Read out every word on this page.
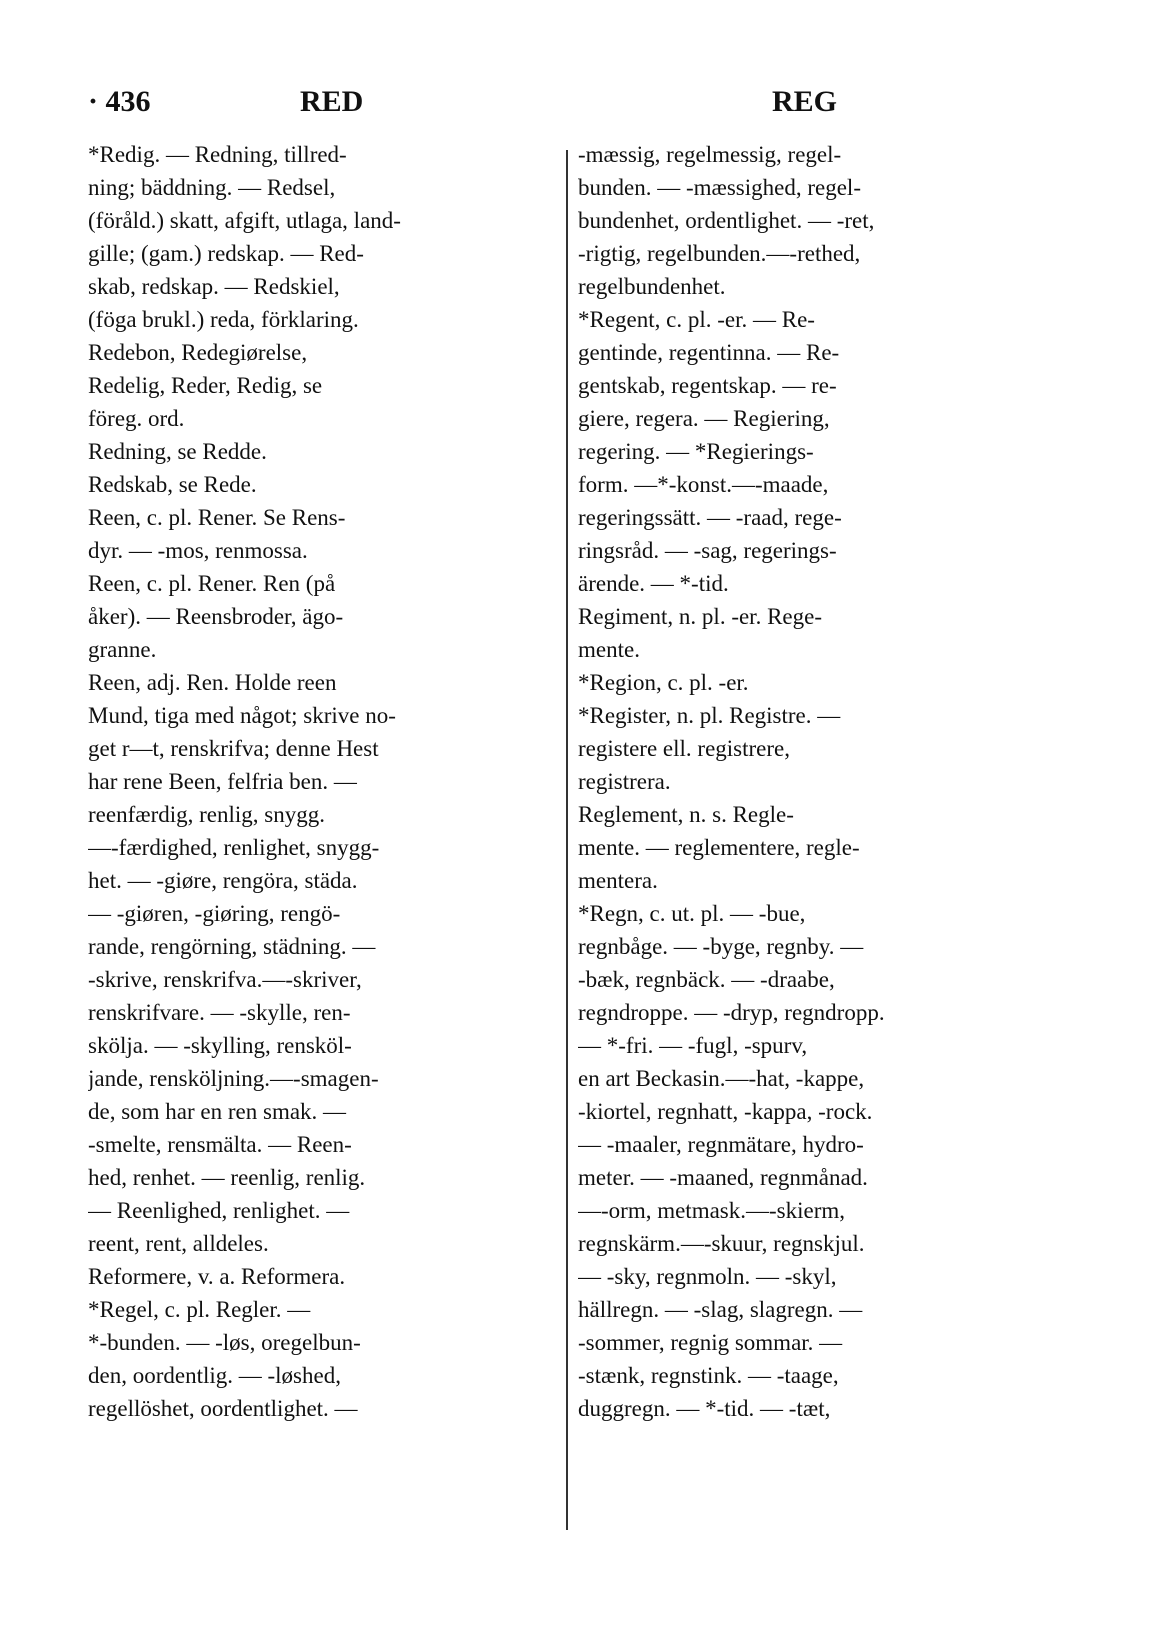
· 436	RED	REG
*Redig. — Redning, tillred-
ning; bäddning. — Redsel,
(föråld.) skatt, afgift, utlaga, land-
gille; (gam.) redskap. — Red-
skab, redskap. — Redskiel,
(föga brukl.) reda, förklaring.
Redebon, Redegiørelse,
Redelig, Reder, Redig, se
föreg. ord.
Redning, se Redde.
Redskab, se Rede.
Reen, c. pl. Rener. Se Rens-
dyr. — -mos, renmossa.
Reen, c. pl. Rener. Ren (på
åker). — Reensbroder, ägo-
granne.
Reen, adj. Ren. Holde reen
Mund, tiga med något; skrive no-
get r—t, renskrifva; denne Hest
har rene Been, felfria ben. —
reenfærdig, renlig, snygg.
—-færdighed, renlighet, snygg-
het. — -giøre, rengöra, städa.
— -giøren, -giøring, rengö-
rande, rengörning, städning. —
-skrive, renskrifva.—-skriver,
renskrifvare. — -skylle, ren-
skölja. — -skylling, rensköl-
jande, rensköljning.—-smagen-
de, som har en ren smak. —
-smelte, rensmälta. — Reen-
hed, renhet. — reenlig, renlig.
— Reenlighed, renlighet. —
reent, rent, alldeles.
Reformere, v. a. Reformera.
*Regel, c. pl. Regler. —
*-bunden. — -løs, oregelbun-
den, oordentlig. — -løshed,
regellöshet, oordentlighet. —
-mæssig, regelmessig, regel-
bunden. — -mæssighed, regel-
bundenhet, ordentlighet. — -ret,
-rigtig, regelbunden.—-rethed,
regelbundenhet.
*Regent, c. pl. -er. — Re-
gentinde, regentinna. — Re-
gentskab, regentskap. — re-
giere, regera. — Regiering,
regering. — *Regierings-
form. —*-konst.—-maade,
regeringssätt. — -raad, rege-
ringsråd. — -sag, regerings-
ärende. — *-tid.
Regiment, n. pl. -er. Rege-
mente.
*Region, c. pl. -er.
*Register, n. pl. Registre. —
registere ell. registrere,
registrera.
Reglement, n. s. Regle-
mente. — reglementere, regle-
mentera.
*Regn, c. ut. pl. — -bue,
regnbåge. — -byge, regnby. —
-bæk, regnbäck. — -draabe,
regndroppe. — -dryp, regndropp.
— *-fri. — -fugl, -spurv,
en art Beckasin.—-hat, -kappe,
-kiortel, regnhatt, -kappa, -rock.
— -maaler, regnmätare, hydro-
meter. — -maaned, regnmånad.
—-orm, metmask.—-skierm,
regnskärm.—-skuur, regnskjul.
— -sky, regnmoln. — -skyl,
hällregn. — -slag, slagregn. —
-sommer, regnig sommar. —
-stænk, regnstink. — -taage,
duggregn. — *-tid. — -tæt,
